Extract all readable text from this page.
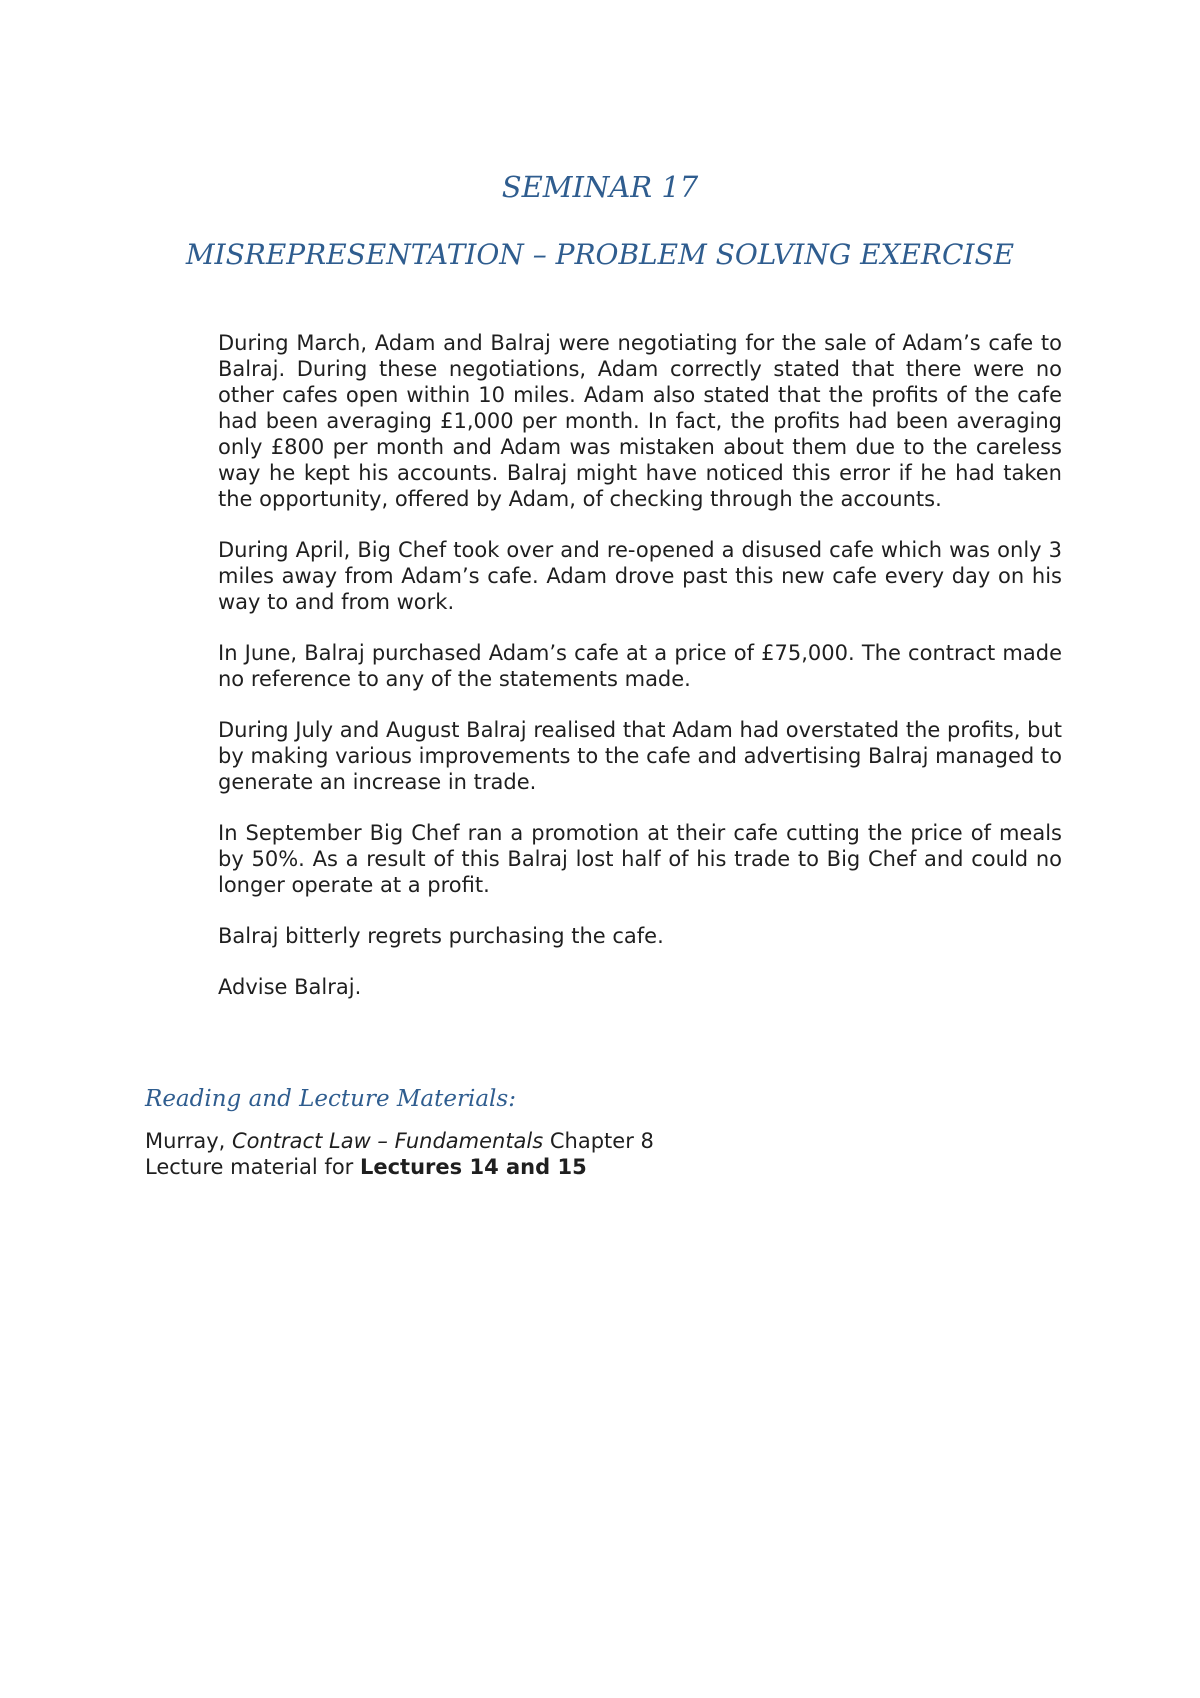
SEMINAR 17
MISREPRESENTATION – PROBLEM SOLVING EXERCISE

During March, Adam and Balraj were negotiating for the sale of Adam’s cafe to Balraj. During these negotiations, Adam correctly stated that there were no other cafes open within 10 miles. Adam also stated that the profits of the cafe had been averaging £1,000 per month. In fact, the profits had been averaging only £800 per month and Adam was mistaken about them due to the careless way he kept his accounts. Balraj might have noticed this error if he had taken the opportunity, offered by Adam, of checking through the accounts.

During April, Big Chef took over and re-opened a disused cafe which was only 3 miles away from Adam’s cafe. Adam drove past this new cafe every day on his way to and from work.

In June, Balraj purchased Adam’s cafe at a price of £75,000. The contract made no reference to any of the statements made.

During July and August Balraj realised that Adam had overstated the profits, but by making various improvements to the cafe and advertising Balraj managed to generate an increase in trade.

In September Big Chef ran a promotion at their cafe cutting the price of meals by 50%. As a result of this Balraj lost half of his trade to Big Chef and could no longer operate at a profit.

Balraj bitterly regrets purchasing the cafe.

Advise Balraj.

Reading and Lecture Materials:

Murray, Contract Law – Fundamentals Chapter 8

Lecture material for Lectures 14 and 15
